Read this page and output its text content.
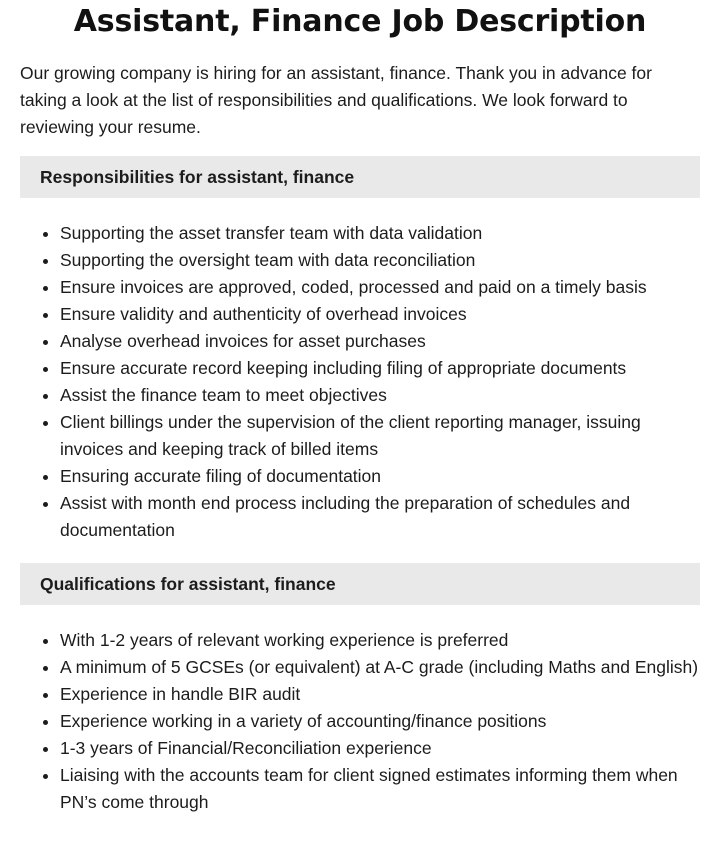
Assistant, Finance Job Description

Our growing company is hiring for an assistant, finance. Thank you in advance for taking a look at the list of responsibilities and qualifications. We look forward to reviewing your resume.

Responsibilities for assistant, finance
• Supporting the asset transfer team with data validation
• Supporting the oversight team with data reconciliation
• Ensure invoices are approved, coded, processed and paid on a timely basis
• Ensure validity and authenticity of overhead invoices
• Analyse overhead invoices for asset purchases
• Ensure accurate record keeping including filing of appropriate documents
• Assist the finance team to meet objectives
• Client billings under the supervision of the client reporting manager, issuing invoices and keeping track of billed items
• Ensuring accurate filing of documentation
• Assist with month end process including the preparation of schedules and documentation
Qualifications for assistant, finance
• With 1-2 years of relevant working experience is preferred
• A minimum of 5 GCSEs (or equivalent) at A-C grade (including Maths and English)
• Experience in handle BIR audit
• Experience working in a variety of accounting/finance positions
• 1-3 years of Financial/Reconciliation experience
• Liaising with the accounts team for client signed estimates informing them when PN’s come through
